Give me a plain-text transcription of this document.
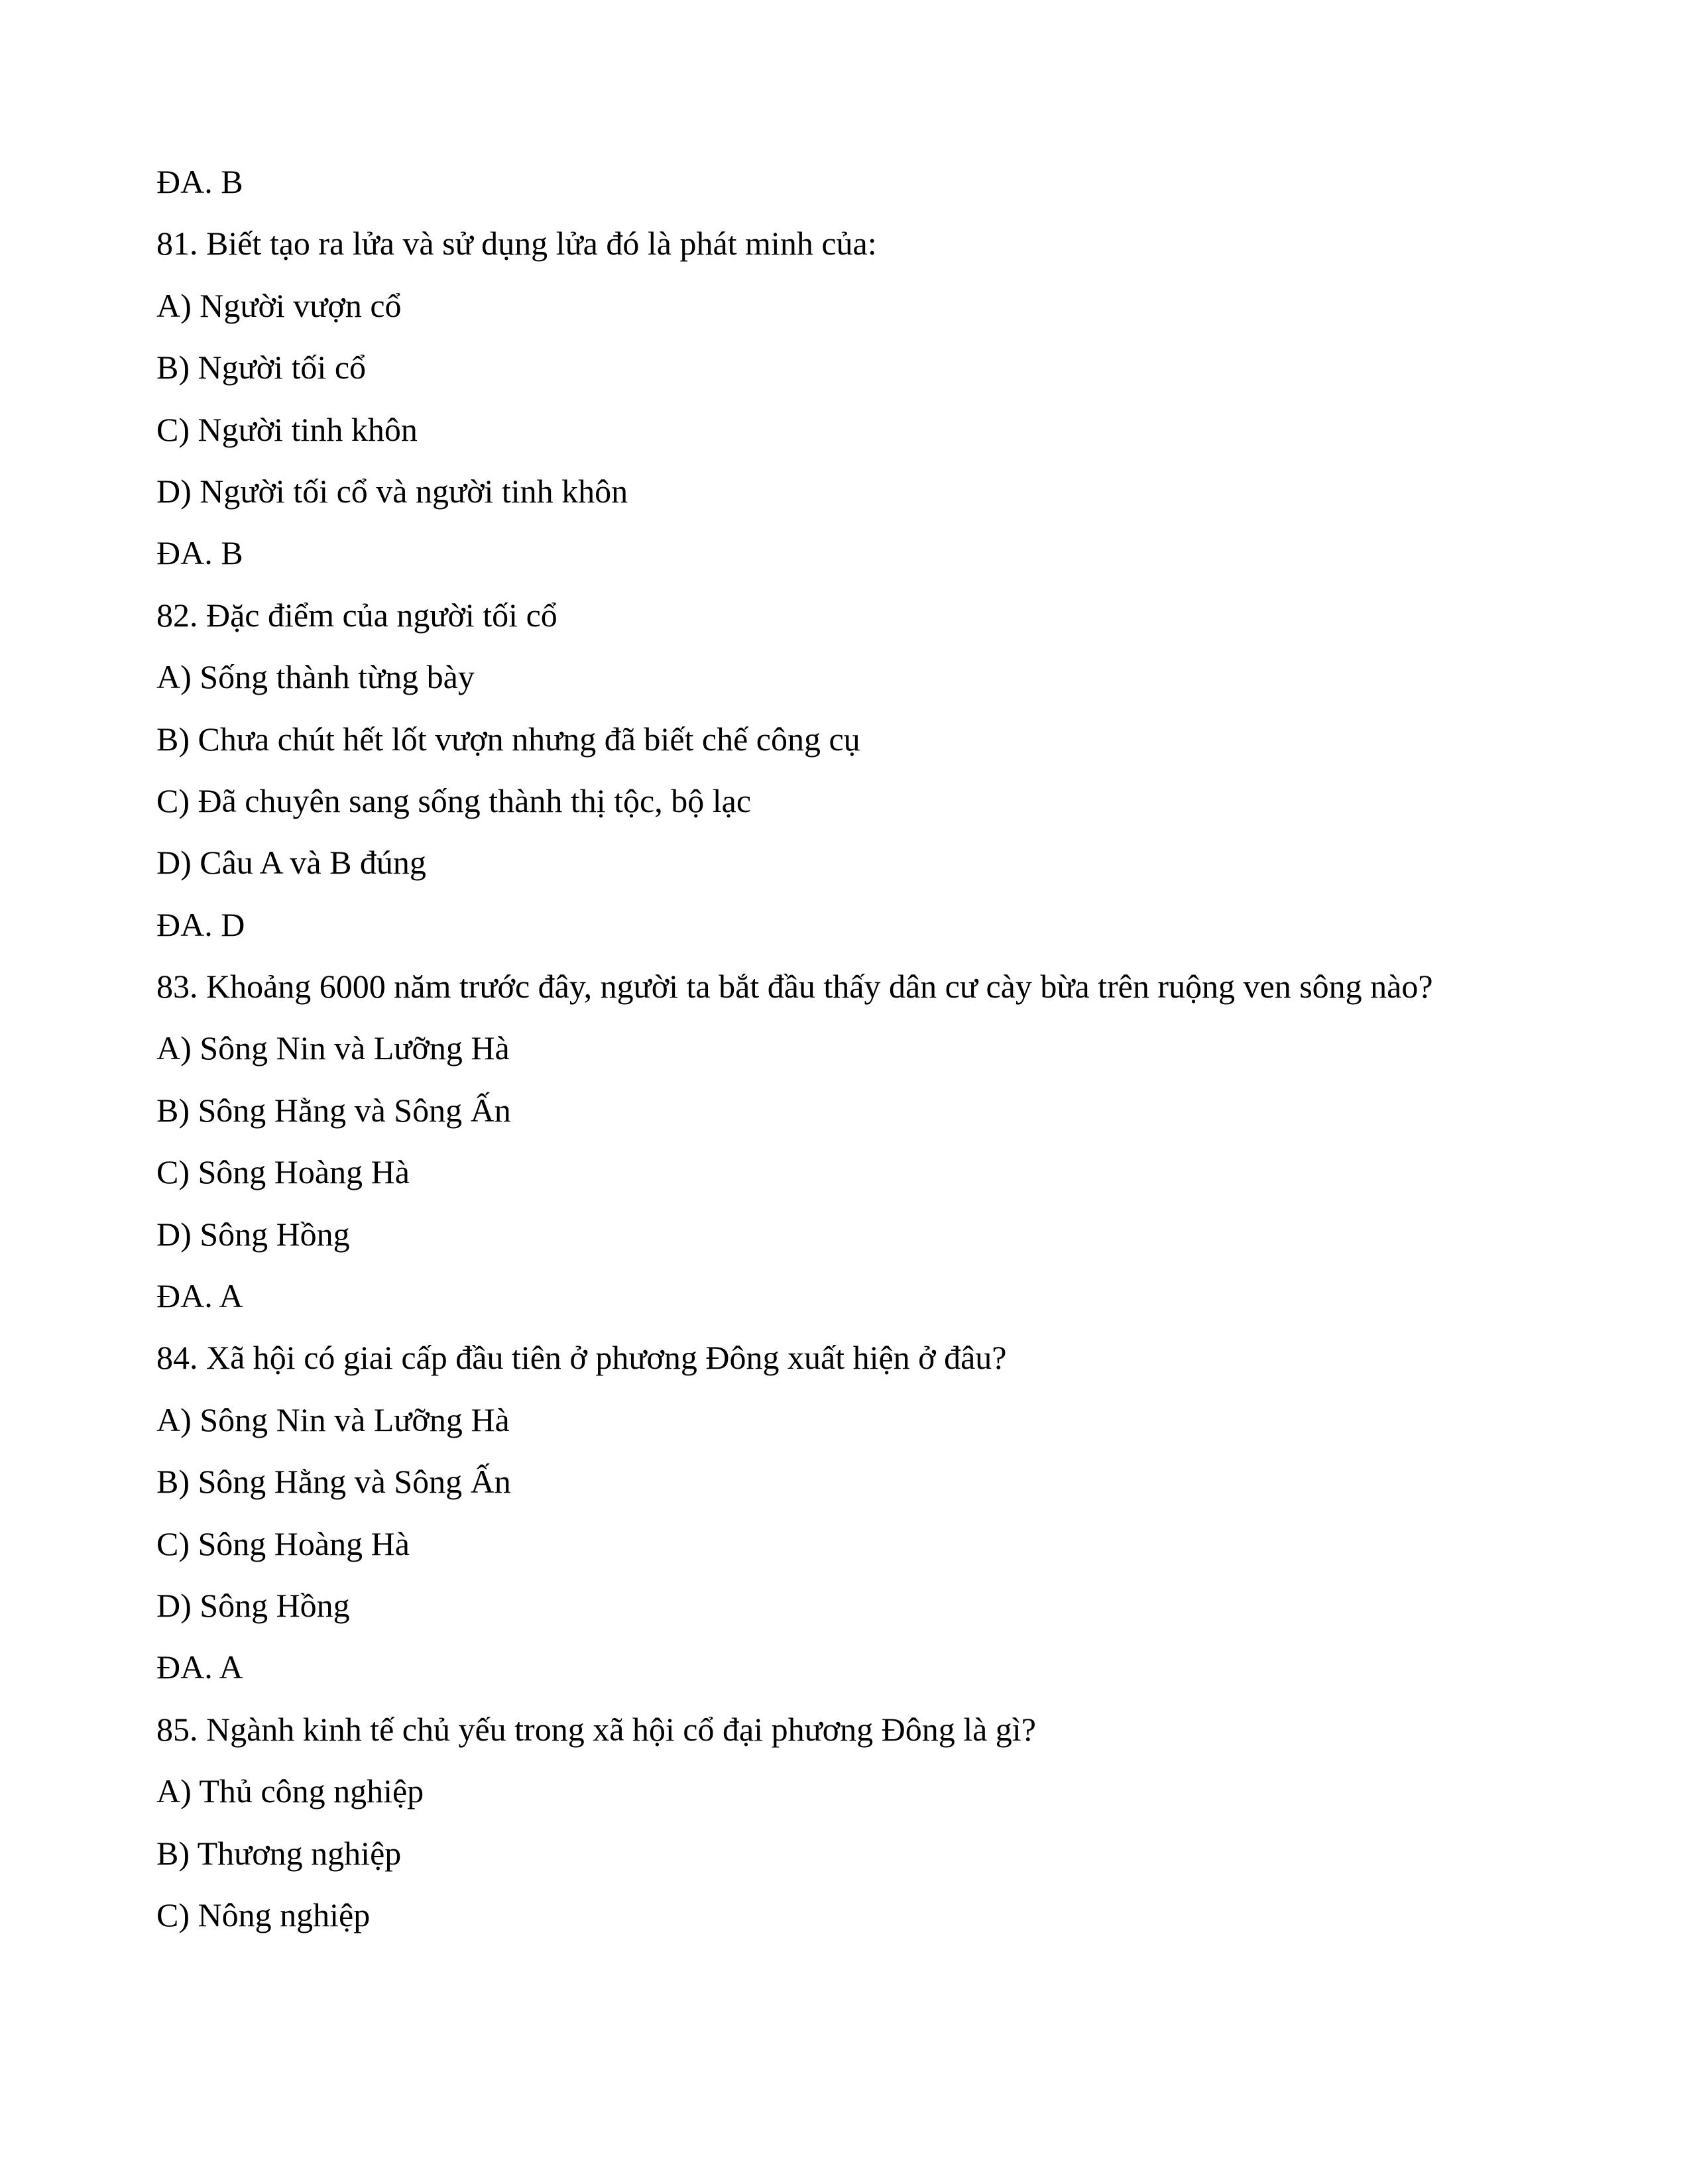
ĐA. B
81. Biết tạo ra lửa và sử dụng lửa đó là phát minh của:
A) Người vượn cổ
B) Người tối cổ
C) Người tinh khôn
D) Người tối cổ và người tinh khôn
ĐA. B
82. Đặc điểm của người tối cổ
A) Sống thành từng bày
B) Chưa chút hết lốt vượn nhưng đã biết chế công cụ
C) Đã chuyên sang sống thành thị tộc, bộ lạc
D) Câu A và B đúng
ĐA. D
83. Khoảng 6000 năm trước đây, người ta bắt đầu thấy dân cư cày bừa trên ruộng ven sông nào?
A) Sông Nin và Lưỡng Hà
B) Sông Hằng và Sông Ấn
C) Sông Hoàng Hà
D) Sông Hồng
ĐA. A
84. Xã hội có giai cấp đầu tiên ở phương Đông xuất hiện ở đâu?
A) Sông Nin và Lưỡng Hà
B) Sông Hằng và Sông Ấn
C) Sông Hoàng Hà
D) Sông Hồng
ĐA. A
85. Ngành kinh tế chủ yếu trong xã hội cổ đại phương Đông là gì?
A) Thủ công nghiệp
B) Thương nghiệp
C) Nông nghiệp
